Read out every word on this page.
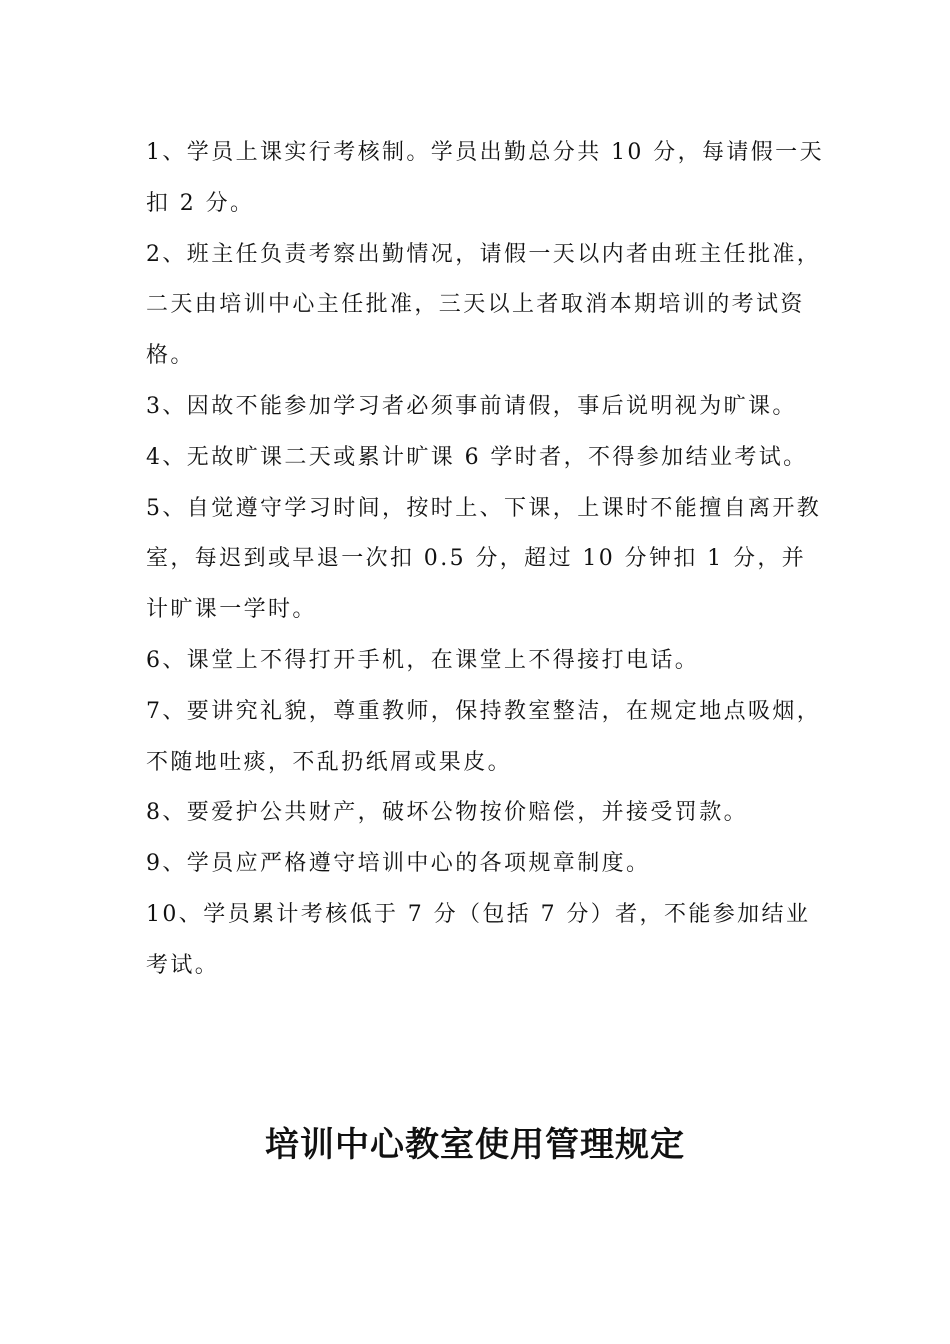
1、学员上课实行考核制。学员出勤总分共 10 分，每请假一天扣 2 分。
2、班主任负责考察出勤情况，请假一天以内者由班主任批准，二天由培训中心主任批准，三天以上者取消本期培训的考试资格。
3、因故不能参加学习者必须事前请假，事后说明视为旷课。
4、无故旷课二天或累计旷课 6 学时者，不得参加结业考试。
5、自觉遵守学习时间，按时上、下课，上课时不能擅自离开教室，每迟到或早退一次扣 0.5 分，超过 10 分钟扣 1 分，并计旷课一学时。
6、课堂上不得打开手机，在课堂上不得接打电话。
7、要讲究礼貌，尊重教师，保持教室整洁，在规定地点吸烟，不随地吐痰，不乱扔纸屑或果皮。
8、要爱护公共财产，破坏公物按价赔偿，并接受罚款。
9、学员应严格遵守培训中心的各项规章制度。
10、学员累计考核低于 7 分（包括 7 分）者，不能参加结业考试。
培训中心教室使用管理规定
